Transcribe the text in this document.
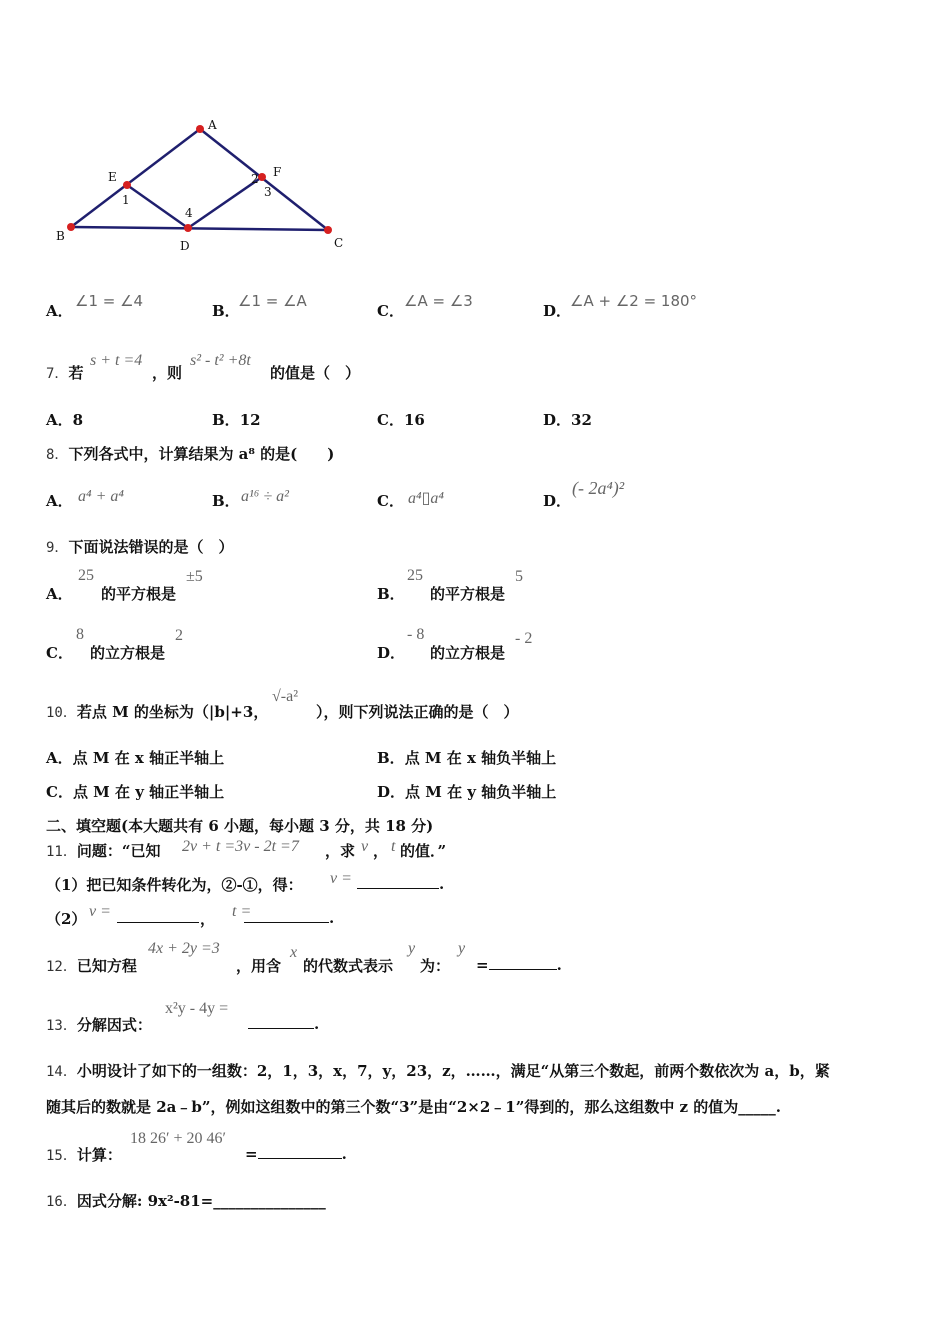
A
B	C
D
E	F
1
2
3
4
A．
∠1 = ∠4
B．
∠1 = ∠A
C．
∠A = ∠3
D．
∠A + ∠2 = 180°
7．若
s + t =4
，则
s² - t² +8t
的值是（　）
A．8	B．12	C．16	D．32
8．下列各式中，计算结果为 a⁸ 的是(　　)
A． a⁴ + a⁴	B． a¹⁶ ÷ a²	C． a⁴▯a⁴	D．
(- 2a⁴)²
9．下面说法错误的是（　）
A．
25
的平方根是
±5
B．
25
的平方根是
5
C．
8
的立方根是
2
D．
- 8
的立方根是
- 2
10．若点 M 的坐标为（|b|+3，
√-a²
），则下列说法正确的是（　）
A．点 M 在 x 轴正半轴上	B．点 M 在 x 轴负半轴上
C．点 M 在 y 轴正半轴上	D．点 M 在 y 轴负半轴上
二、填空题(本大题共有 6 小题，每小题 3 分，共 18 分)
11．问题：“已知 2v + t =3v - 2t =7 ，求 v ， t 的值．”
（1）把已知条件转化为，②-①，得： v =	.
（2） v =	， t =	.
12．已知方程
4x + 2y =3
，用含
x
的代数式表示
y
为：
y
=	.
13．分解因式：
x²y - 4y =
.
14．小明设计了如下的一组数：2，1，3，x，7，y，23，z，……，满足“从第三个数起，前两个数依次为 a，b，紧
随其后的数就是 2a﹣b”，例如这组数中的第三个数“3”是由“2×2﹣1”得到的，那么这组数中 z 的值为_____.
15．计算：
18 26′ + 20 46′
=	.
16．因式分解: 9x²-81=_______________
